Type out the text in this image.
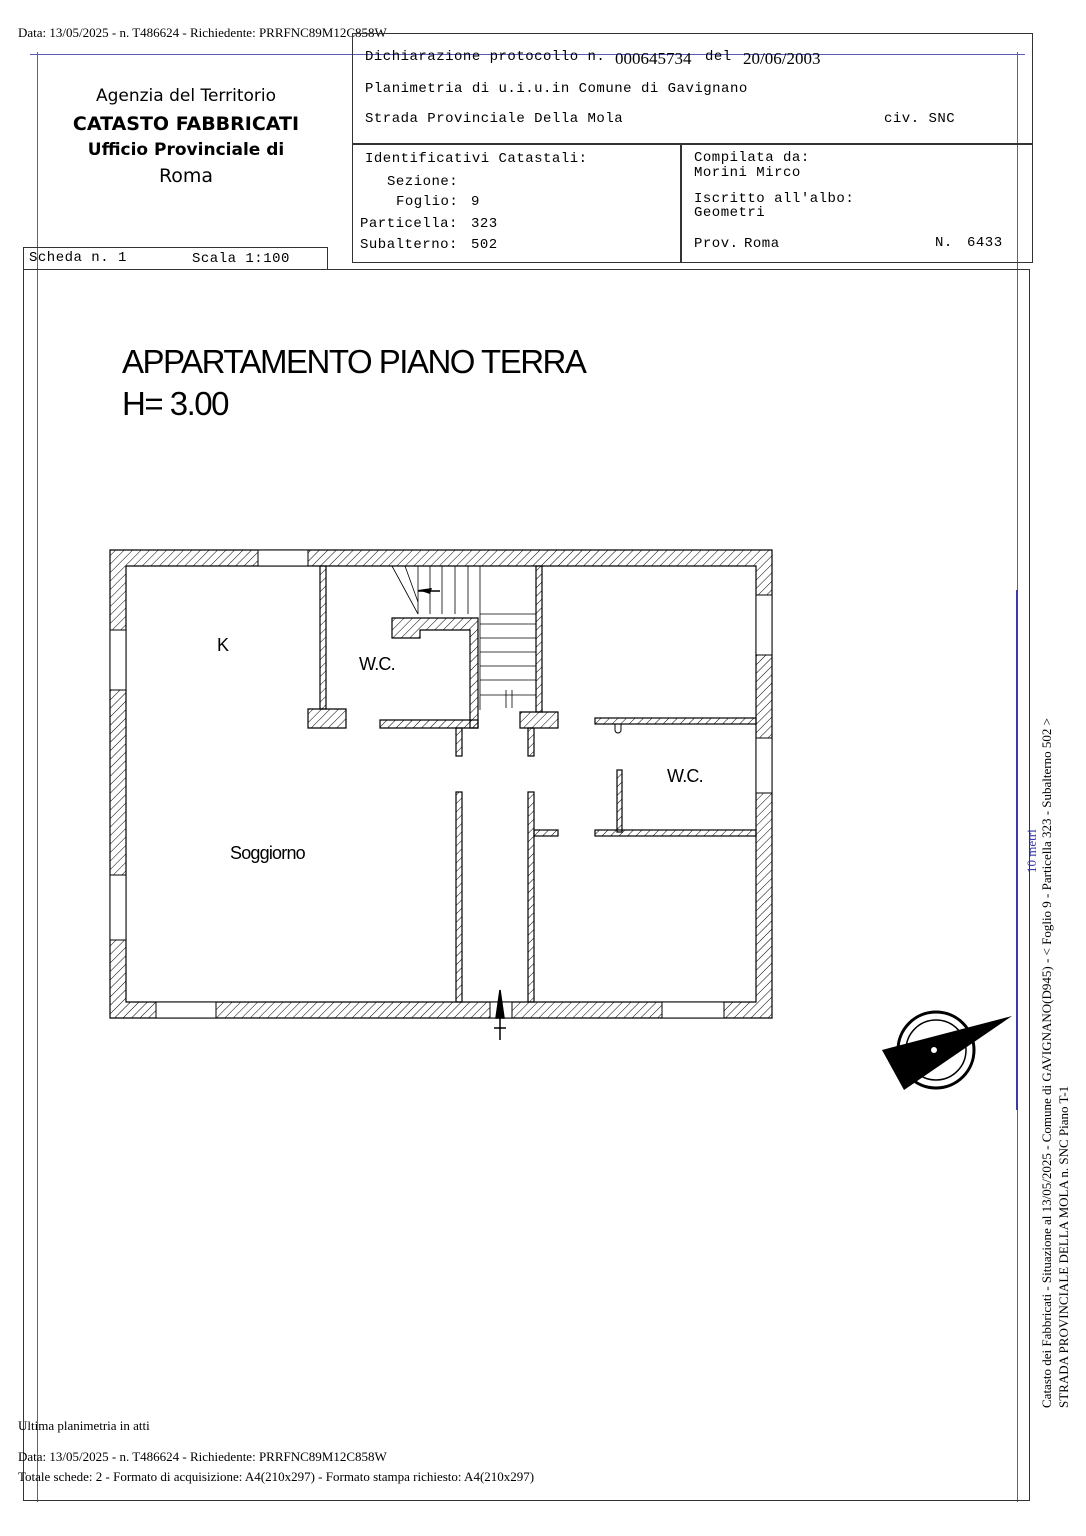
Data: 13/05/2025 - n. T486624 - Richiedente: PRRFNC89M12C858W
Agenzia del Territorio
CATASTO FABBRICATI
Ufficio Provinciale di
Roma
Scheda n. 1	Scala 1:100
Dichiarazione protocollo n. 000645734 del 20/06/2003
Planimetria di u.i.u.in Comune di Gavignano
Strada Provinciale Della Mola	civ. SNC
Identificativi Catastali:
Sezione:
Foglio: 9
Particella: 323
Subalterno: 502
Compilata da:
Morini Mirco
Iscritto all'albo:
Geometri
Prov. Roma	N. 6433
APPARTAMENTO PIANO TERRA
H= 3.00
K
W.C.
W.C.
Soggiorno	10 metri Catasto dei Fabbricati - Situazione al 13/05/2025 - Comune di GAVIGNANO(D945) - < Foglio 9 - Particella 323 - Subalterno 502 > STRADA PROVINCIALE DELLA MOLA n. SNC Piano T-1
Ultima planimetria in atti
Data: 13/05/2025 - n. T486624 - Richiedente: PRRFNC89M12C858W
Totale schede: 2 - Formato di acquisizione: A4(210x297) - Formato stampa richiesto: A4(210x297)
